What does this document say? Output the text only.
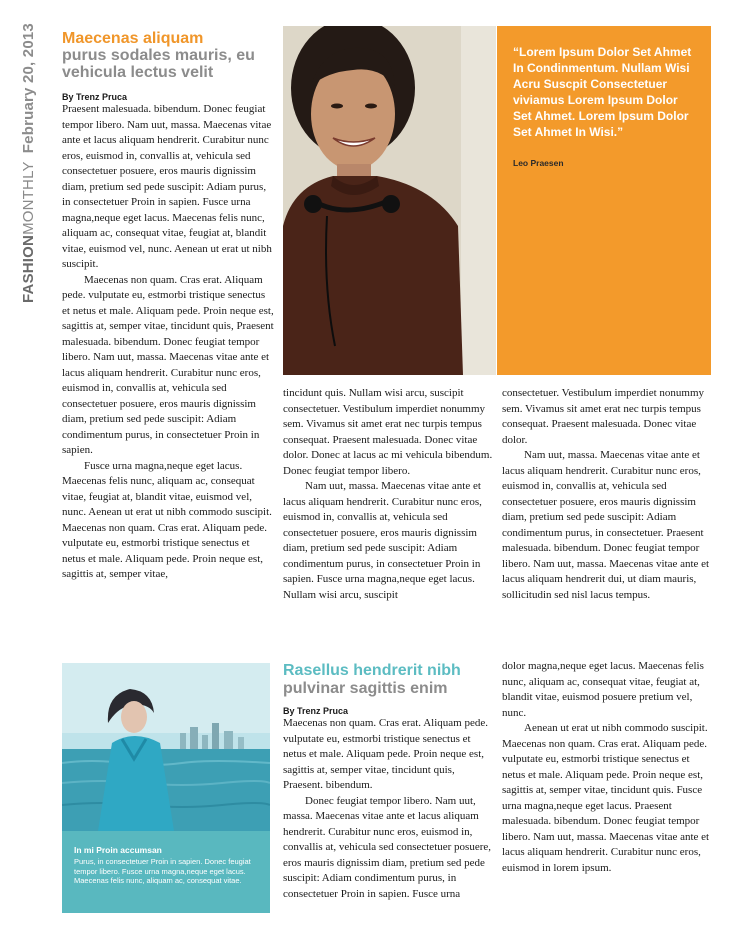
FASHIONMONTHLY February 20, 2013 Maecenas aliquam
purus sodales mauris, eu vehicula lectus velit
By Trenz Pruca

Praesent malesuada. bibendum. Donec feugiat tempor libero. Nam uut, massa. Maecenas vitae ante et lacus aliquam hendrerit. Curabitur nunc eros, euismod in, convallis at, vehicula sed consectetuer posuere, eros mauris dignissim diam, pretium sed pede suscipit: Adiam purus, in consectetuer Proin in sapien. Fusce urna magna,neque eget lacus. Maecenas felis nunc, aliquam ac, consequat vitae, feugiat at, blandit vitae, euismod vel, nunc. Aenean ut erat ut nibh suscipit.

Maecenas non quam. Cras erat. Aliquam pede. vulputate eu, estmorbi tristique senectus et netus et male. Aliquam pede. Proin neque est, sagittis at, semper vitae, tincidunt quis, Praesent malesuada. bibendum. Donec feugiat tempor libero. Nam uut, massa. Maecenas vitae ante et lacus aliquam hendrerit. Curabitur nunc eros, euismod in, convallis at, vehicula sed consectetuer posuere, eros mauris dignissim diam, pretium sed pede suscipit: Adiam condimentum purus, in consectetuer Proin in sapien.

Fusce urna magna,neque eget lacus. Maecenas felis nunc, aliquam ac, consequat vitae, feugiat at, blandit vitae, euismod vel, nunc. Aenean ut erat ut nibh commodo suscipit. Maecenas non quam. Cras erat. Aliquam pede. vulputate eu, estmorbi tristique senectus et netus et male. Aliquam pede. Proin neque est, sagittis at, semper vitae,

“Lorem Ipsum Dolor Set Ahmet In Condinmentum. Nullam Wisi Acru Suscpit Consectetuer viviamus Lorem Ipsum Dolor Set Ahmet. Lorem Ipsum Dolor Set Ahmet In Wisi.”
Leo Praesen

tincidunt quis. Nullam wisi arcu, suscipit consectetuer. Vestibulum imperdiet nonummy sem. Vivamus sit amet erat nec turpis tempus consequat. Praesent malesuada. Donec vitae dolor. Donec at lacus ac mi vehicula bibendum. Donec feugiat tempor libero.

Nam uut, massa. Maecenas vitae ante et lacus aliquam hendrerit. Curabitur nunc eros, euismod in, convallis at, vehicula sed consectetuer posuere, eros mauris dignissim diam, pretium sed pede suscipit: Adiam condimentum purus, in consectetuer Proin in sapien. Fusce urna magna,neque eget lacus. Nullam wisi arcu, suscipit

consectetuer. Vestibulum imperdiet nonummy sem. Vivamus sit amet erat nec turpis tempus consequat. Praesent malesuada. Donec vitae dolor.

Nam uut, massa. Maecenas vitae ante et lacus aliquam hendrerit. Curabitur nunc eros, euismod in, convallis at, vehicula sed consectetuer posuere, eros mauris dignissim diam, pretium sed pede suscipit: Adiam condimentum purus, in consectetuer. Praesent malesuada. bibendum. Donec feugiat tempor libero. Nam uut, massa. Maecenas vitae ante et lacus aliquam hendrerit dui, ut diam mauris, sollicitudin sed nisl lacus tempus.

In mi Proin accumsan
Purus, in consectetuer Proin in sapien. Donec feugiat tempor libero. Fusce urna magna,neque eget lacus. Maecenas felis nunc, aliquam ac, consequat vitae.
Rasellus hendrerit nibh
pulvinar sagittis enim
By Trenz Pruca

Maecenas non quam. Cras erat. Aliquam pede. vulputate eu, estmorbi tristique senectus et netus et male. Aliquam pede. Proin neque est, sagittis at, semper vitae, tincidunt quis, Praesent. bibendum.

Donec feugiat tempor libero. Nam uut, massa. Maecenas vitae ante et lacus aliquam hendrerit. Curabitur nunc eros, euismod in, convallis at, vehicula sed consectetuer posuere, eros mauris dignissim diam, pretium sed pede suscipit: Adiam condimentum purus, in consectetuer Proin in sapien. Fusce urna

dolor magna,neque eget lacus. Maecenas felis nunc, aliquam ac, consequat vitae, feugiat at, blandit vitae, euismod posuere pretium vel, nunc.

Aenean ut erat ut nibh commodo suscipit. Maecenas non quam. Cras erat. Aliquam pede. vulputate eu, estmorbi tristique senectus et netus et male. Aliquam pede. Proin neque est, sagittis at, semper vitae, tincidunt quis. Fusce urna magna,neque eget lacus. Praesent malesuada. bibendum. Donec feugiat tempor libero. Nam uut, massa. Maecenas vitae ante et lacus aliquam hendrerit. Curabitur nunc eros, euismod in lorem ipsum.
